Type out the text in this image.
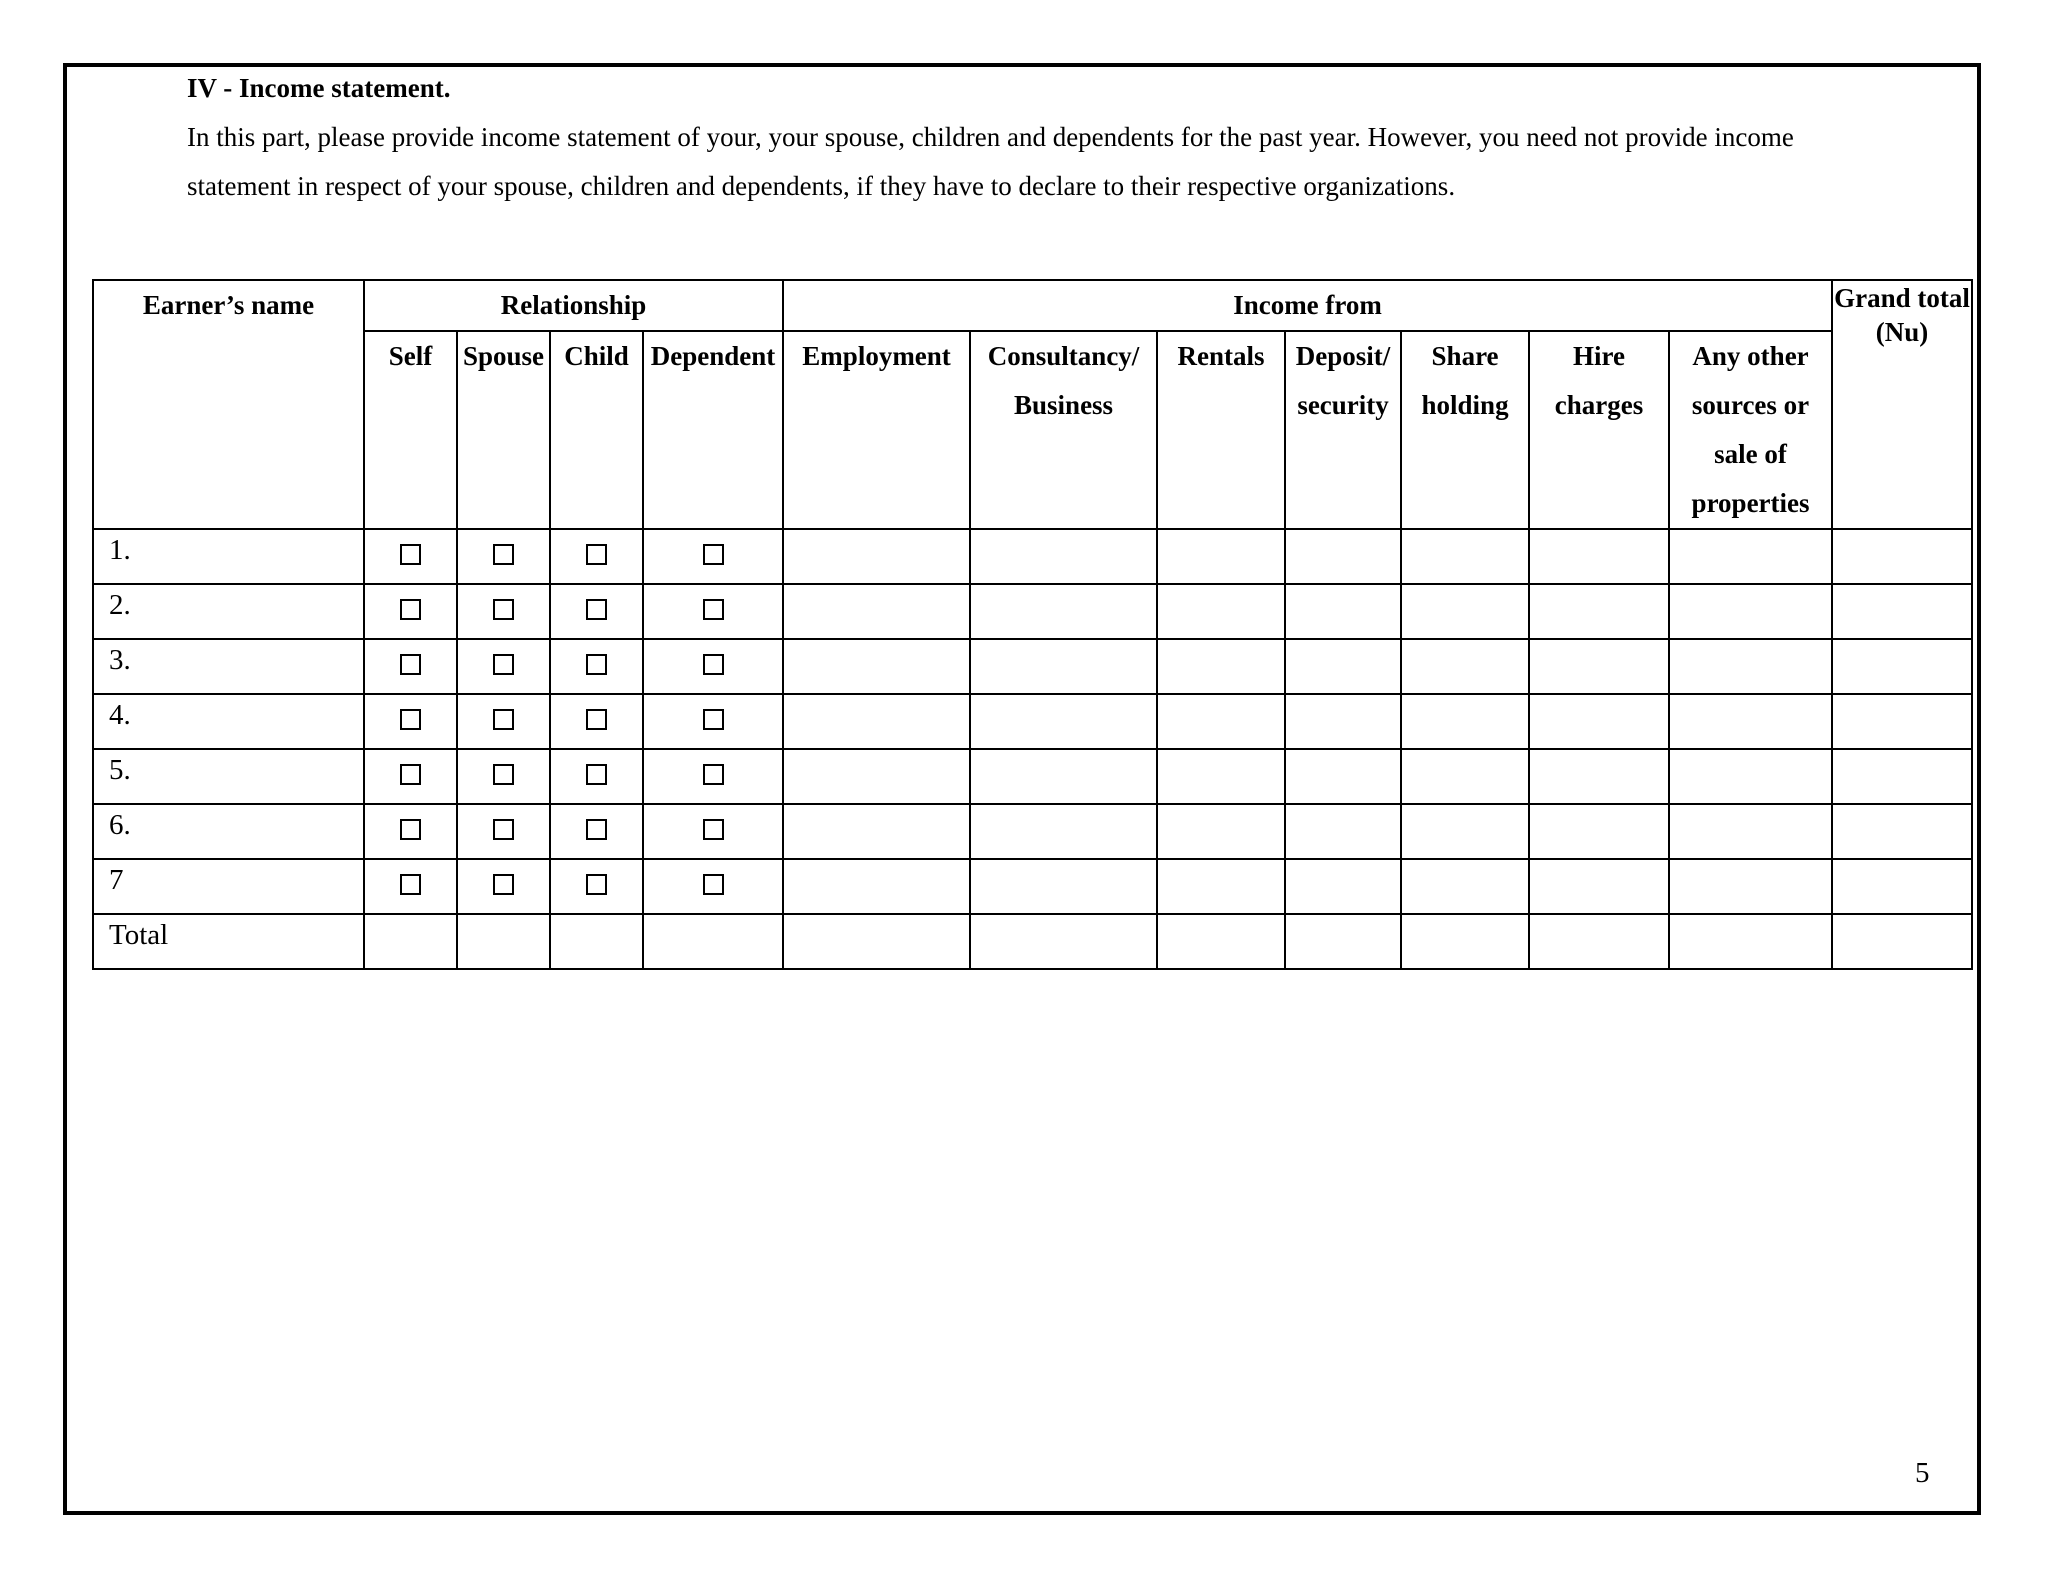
IV - Income statement.

In this part, please provide income statement of your, your spouse, children and dependents for the past year. However, you need not provide income
statement in respect of your spouse, children and dependents, if they have to declare to their respective organizations.

Earner’s name	Relationship				Income from							Grand total (Nu)
	Self	Spouse	Child	Dependent	Employment	Consultancy/ Business	Rentals	Deposit/ security	Share holding	Hire charges	Any other sources or sale of properties	
1.												
2.												
3.												
4.												
5.												
6.												
7												
Total												
5
